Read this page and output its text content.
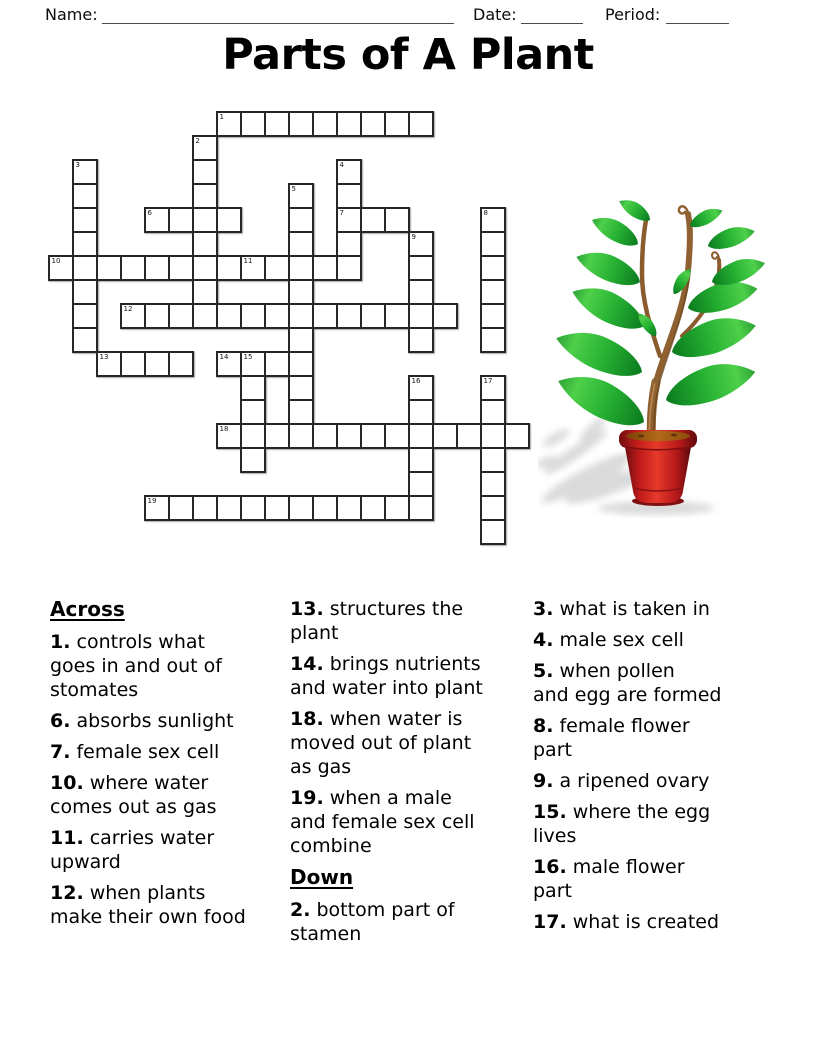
Name:	Date:	Period:
Parts of A Plant
1
6	7
10	11
12
13	14
18
19
2
3	4
5
8
9
15
16	17
Across
1. controls what
goes in and out of
stomates
6. absorbs sunlight
7. female sex cell
10. where water
comes out as gas
11. carries water
upward
12. when plants
make their own food
13. structures the
plant
14. brings nutrients
and water into plant
18. when water is
moved out of plant
as gas
19. when a male
and female sex cell
combine
Down
2. bottom part of
stamen
3. what is taken in
4. male sex cell
5. when pollen
and egg are formed
8. female flower
part
9. a ripened ovary
15. where the egg
lives
16. male flower
part
17. what is created
